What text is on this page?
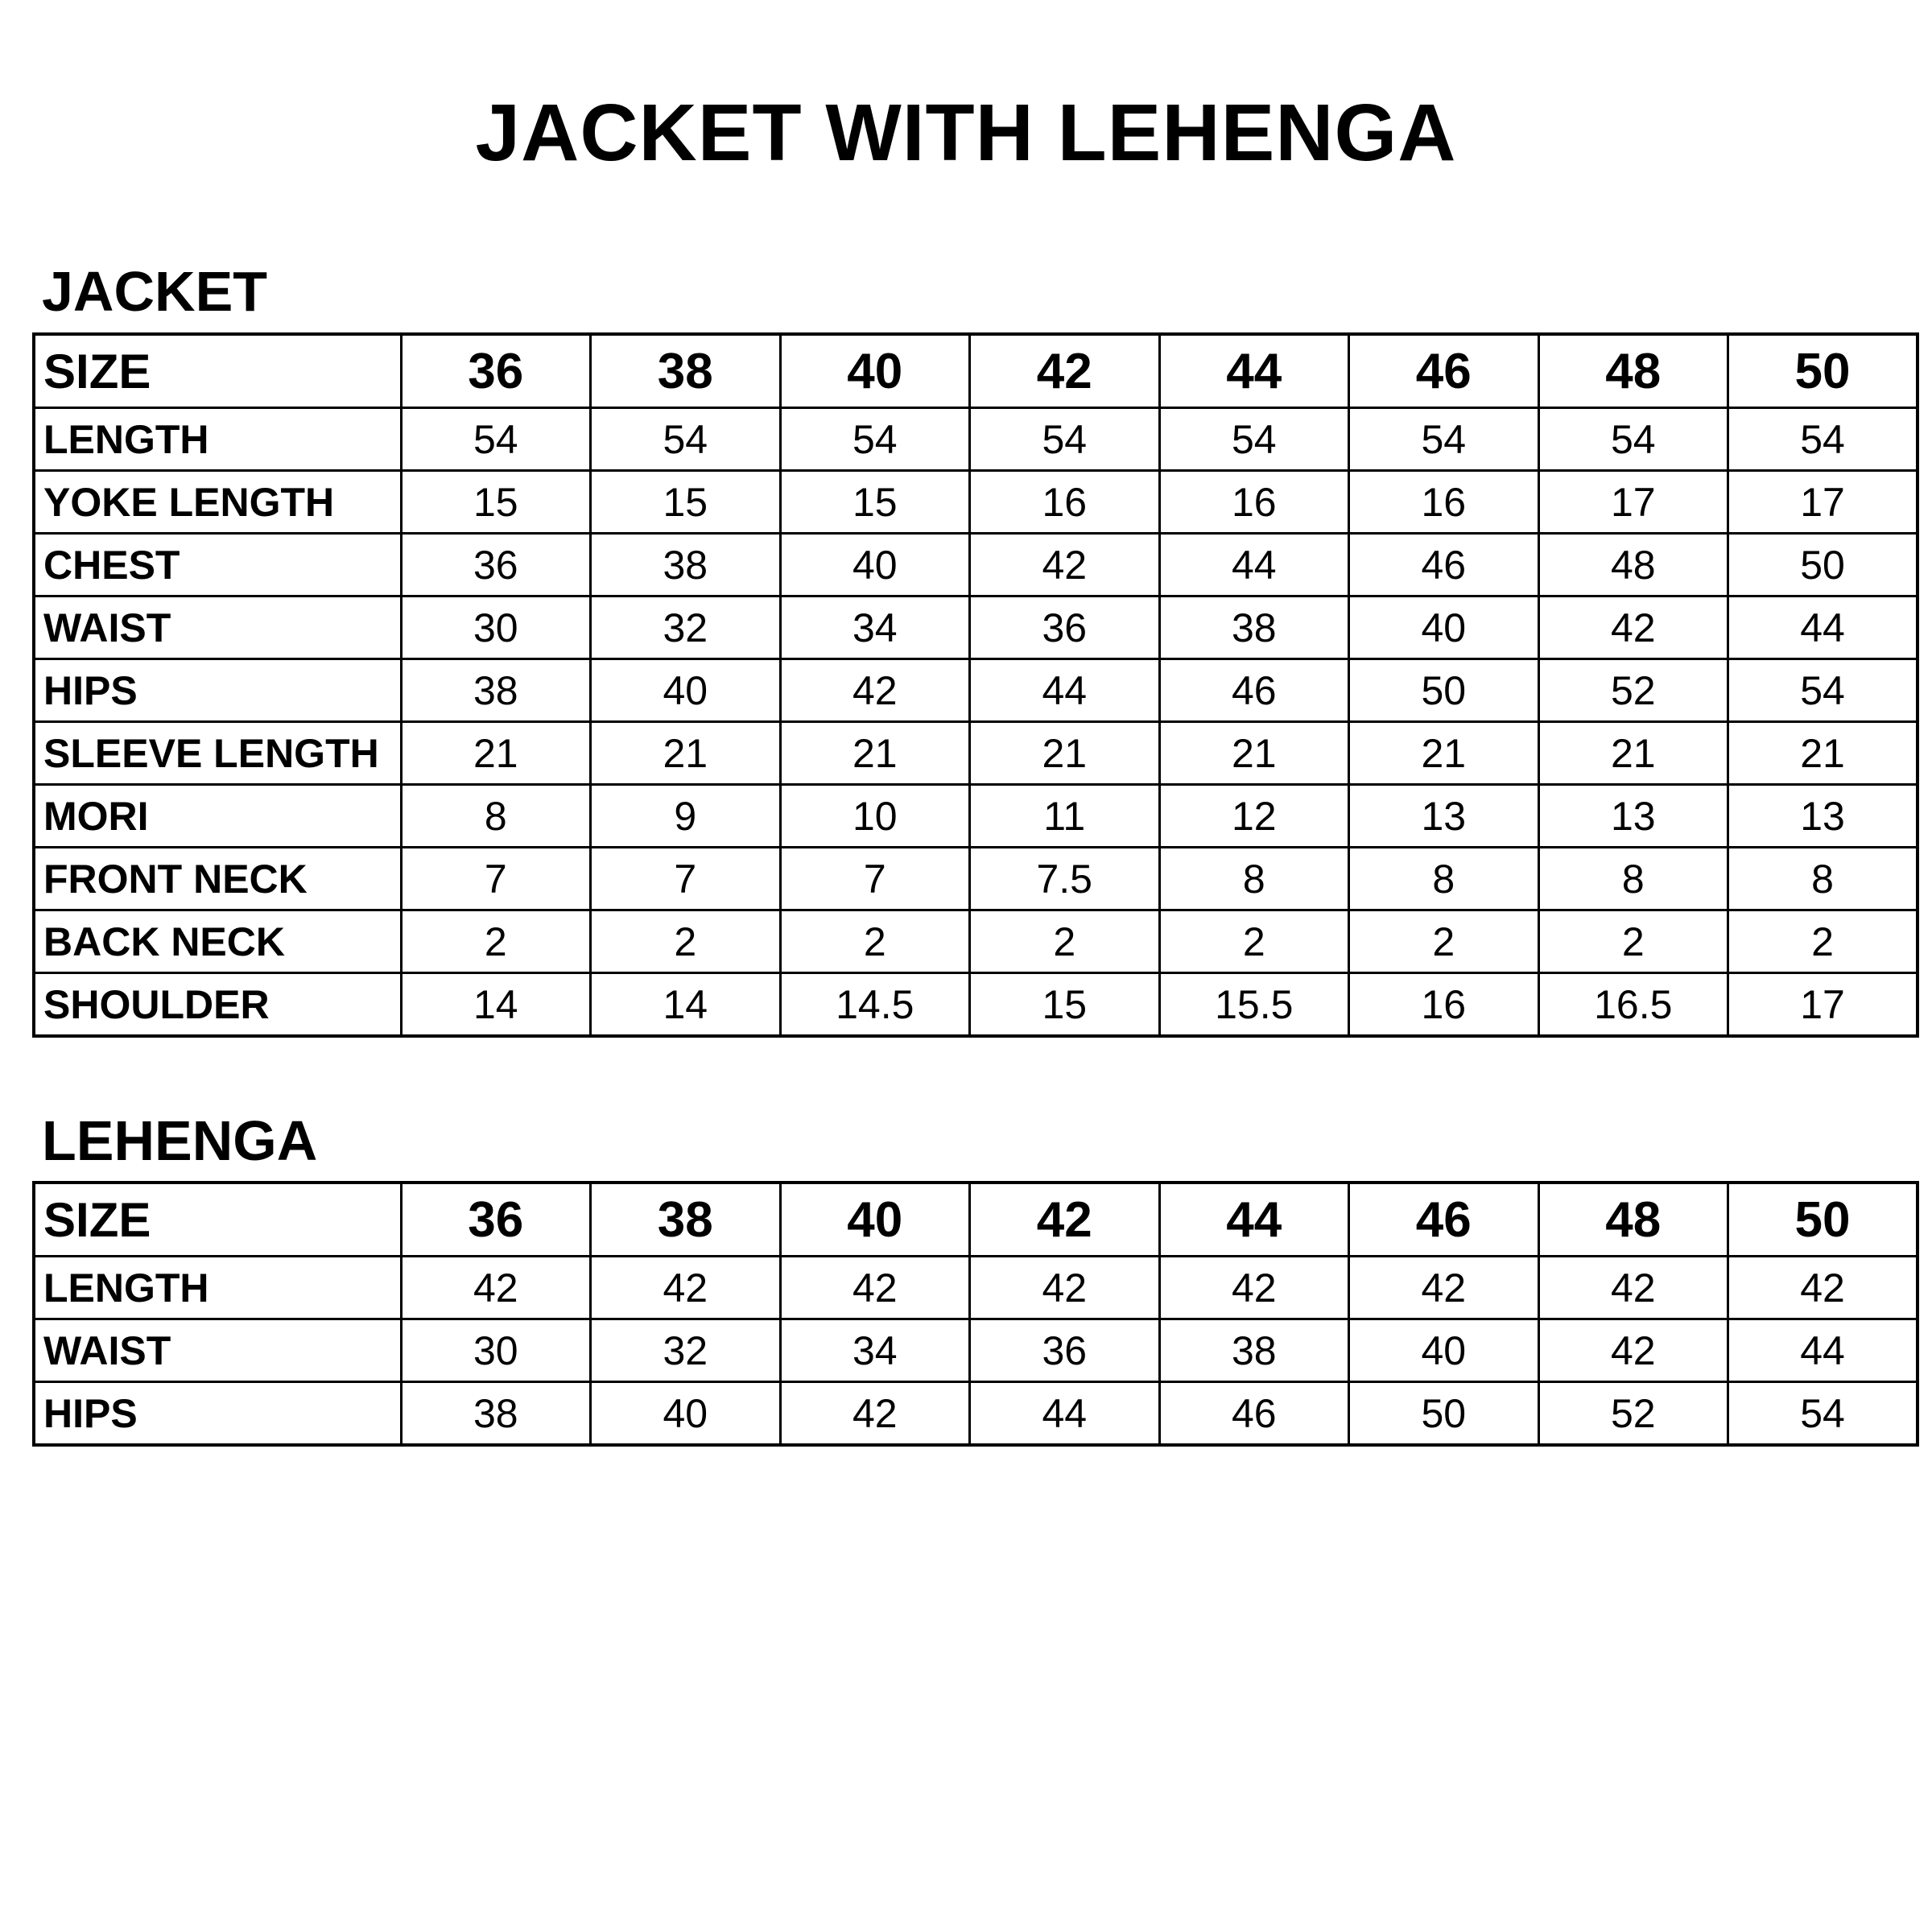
JACKET WITH LEHENGA
JACKET
SIZE	36	38	40	42	44	46	48	50
LENGTH	54	54	54	54	54	54	54	54
YOKE LENGTH	15	15	15	16	16	16	17	17
CHEST	36	38	40	42	44	46	48	50
WAIST	30	32	34	36	38	40	42	44
HIPS	38	40	42	44	46	50	52	54
SLEEVE LENGTH	21	21	21	21	21	21	21	21
MORI	8	9	10	11	12	13	13	13
FRONT NECK	7	7	7	7.5	8	8	8	8
BACK NECK	2	2	2	2	2	2	2	2
SHOULDER	14	14	14.5	15	15.5	16	16.5	17
LEHENGA
SIZE	36	38	40	42	44	46	48	50
LENGTH	42	42	42	42	42	42	42	42
WAIST	30	32	34	36	38	40	42	44
HIPS	38	40	42	44	46	50	52	54
